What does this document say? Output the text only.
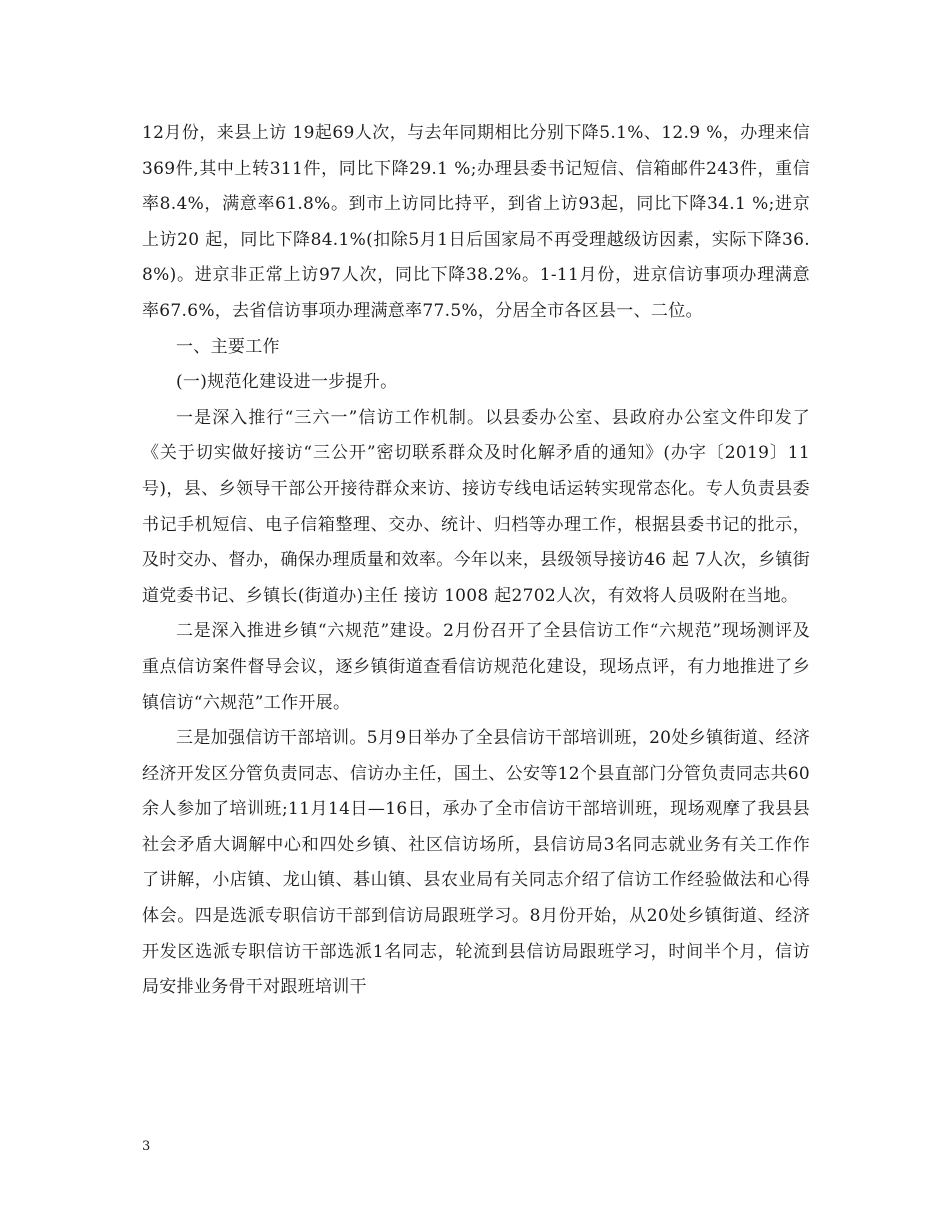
12月份，来县上访 19起69人次，与去年同期相比分别下降5.1%、12.9 %，办理来信369件,其中上转311件，同比下降29.1 %;办理县委书记短信、信箱邮件243件，重信率8.4%，满意率61.8%。到市上访同比持平，到省上访93起，同比下降34.1 %;进京上访20 起，同比下降84.1%(扣除5月1日后国家局不再受理越级访因素，实际下降36.8%)。进京非正常上访97人次，同比下降38.2%。1-11月份，进京信访事项办理满意率67.6%，去省信访事项办理满意率77.5%，分居全市各区县一、二位。

一、主要工作

(一)规范化建设进一步提升。

一是深入推行“三六一”信访工作机制。以县委办公室、县政府办公室文件印发了《关于切实做好接访“三公开”密切联系群众及时化解矛盾的通知》(办字〔2019〕11号)，县、乡领导干部公开接待群众来访、接访专线电话运转实现常态化。专人负责县委书记手机短信、电子信箱整理、交办、统计、归档等办理工作，根据县委书记的批示，及时交办、督办，确保办理质量和效率。今年以来，县级领导接访46 起 7人次，乡镇街道党委书记、乡镇长(街道办)主任 接访 1008 起2702人次，有效将人员吸附在当地。

二是深入推进乡镇“六规范”建设。2月份召开了全县信访工作“六规范”现场测评及重点信访案件督导会议，逐乡镇街道查看信访规范化建设，现场点评，有力地推进了乡镇信访“六规范”工作开展。

三是加强信访干部培训。5月9日举办了全县信访干部培训班，20处乡镇街道、经济经济开发区分管负责同志、信访办主任，国土、公安等12个县直部门分管负责同志共60余人参加了培训班;11月14日—16日，承办了全市信访干部培训班，现场观摩了我县县社会矛盾大调解中心和四处乡镇、社区信访场所，县信访局3名同志就业务有关工作作了讲解，小店镇、龙山镇、碁山镇、县农业局有关同志介绍了信访工作经验做法和心得体会。四是选派专职信访干部到信访局跟班学习。8月份开始，从20处乡镇街道、经济开发区选派专职信访干部选派1名同志，轮流到县信访局跟班学习，时间半个月，信访局安排业务骨干对跟班培训干

3
